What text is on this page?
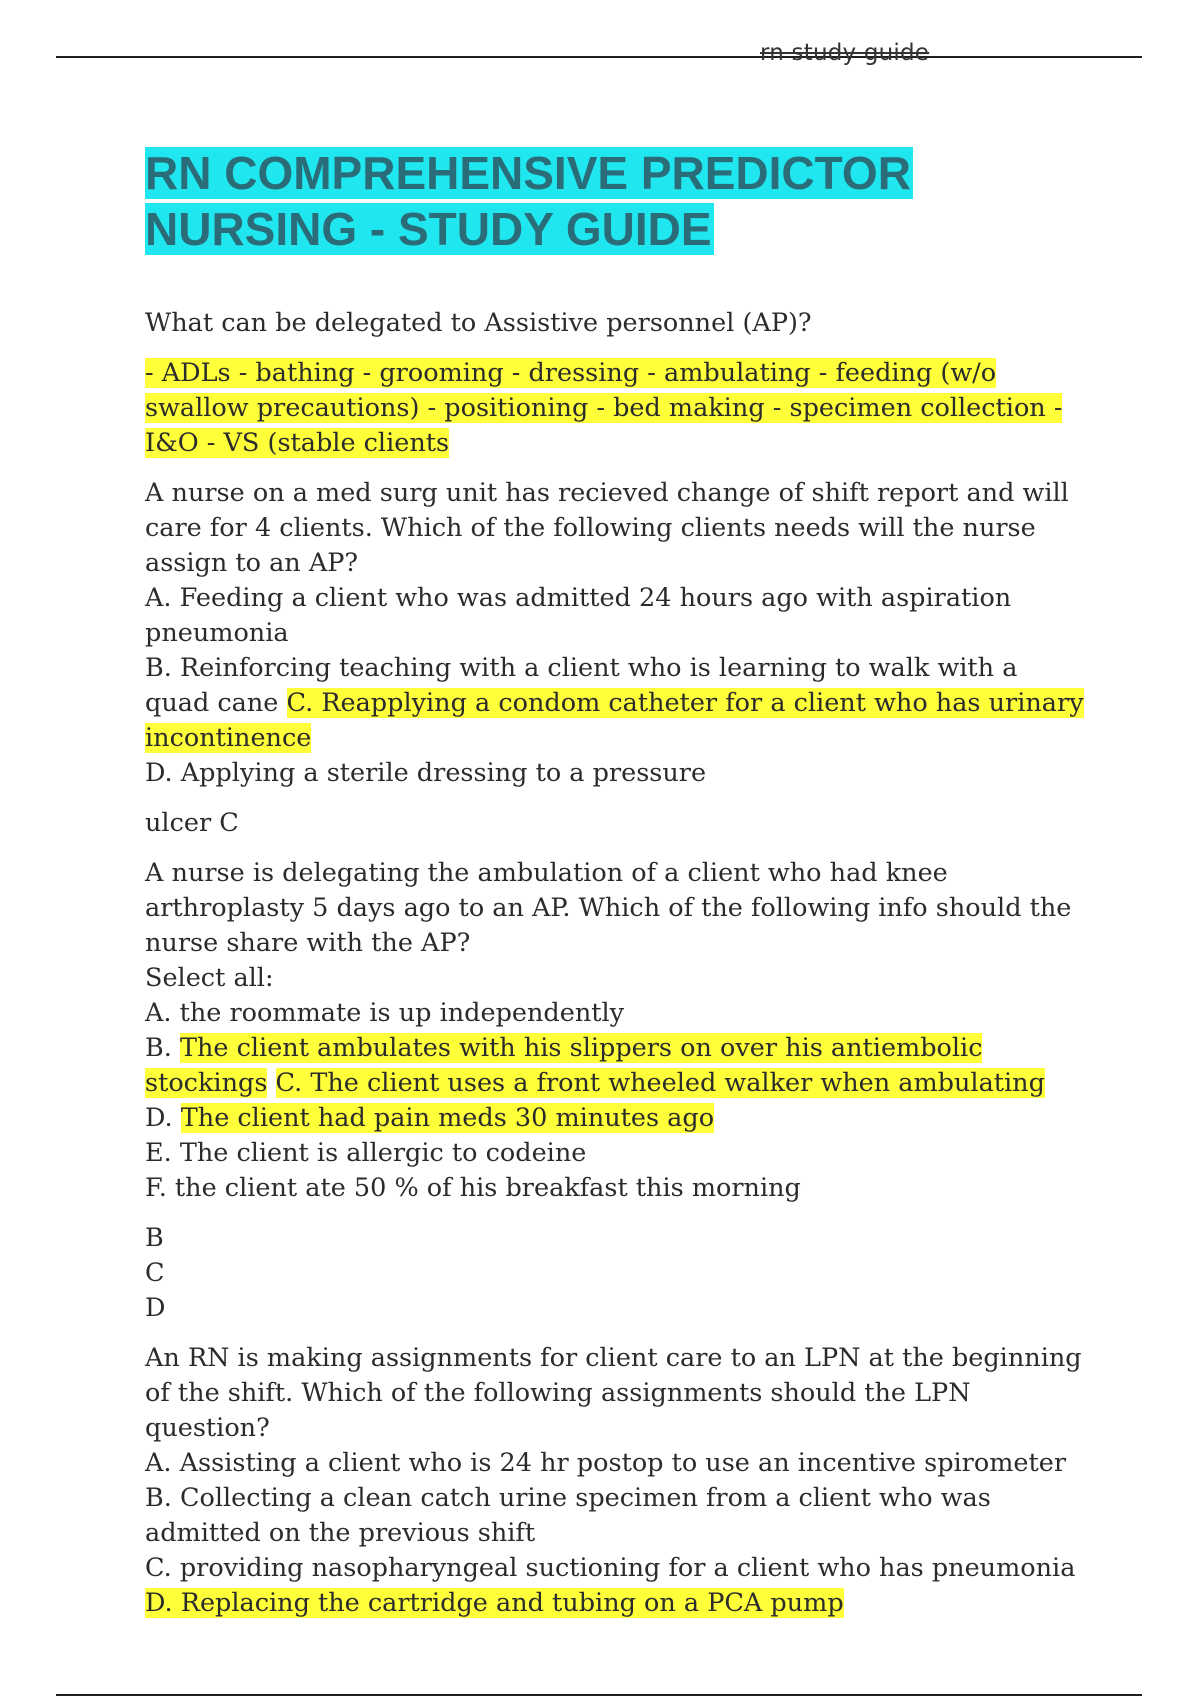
rn study guide
RN COMPREHENSIVE PREDICTOR
NURSING - STUDY GUIDE

What can be delegated to Assistive personnel (AP)?

- ADLs - bathing - grooming - dressing - ambulating - feeding (w/o swallow precautions) - positioning - bed making - specimen collection - I&O - VS (stable clients

A nurse on a med surg unit has recieved change of shift report and will care for 4 clients. Which of the following clients needs will the nurse assign to an AP?
A. Feeding a client who was admitted 24 hours ago with aspiration pneumonia
B. Reinforcing teaching with a client who is learning to walk with a quad cane C. Reapplying a condom catheter for a client who has urinary incontinence
D. Applying a sterile dressing to a pressure

ulcer C

A nurse is delegating the ambulation of a client who had knee arthroplasty 5 days ago to an AP. Which of the following info should the nurse share with the AP?
Select all:
A. the roommate is up independently
B. The client ambulates with his slippers on over his antiembolic stockings C. The client uses a front wheeled walker when ambulating
D. The client had pain meds 30 minutes ago
E. The client is allergic to codeine
F. the client ate 50 % of his breakfast this morning

B
C
D

An RN is making assignments for client care to an LPN at the beginning of the shift. Which of the following assignments should the LPN question?
A. Assisting a client who is 24 hr postop to use an incentive spirometer
B. Collecting a clean catch urine specimen from a client who was admitted on the previous shift
C. providing nasopharyngeal suctioning for a client who has pneumonia
D. Replacing the cartridge and tubing on a PCA pump
